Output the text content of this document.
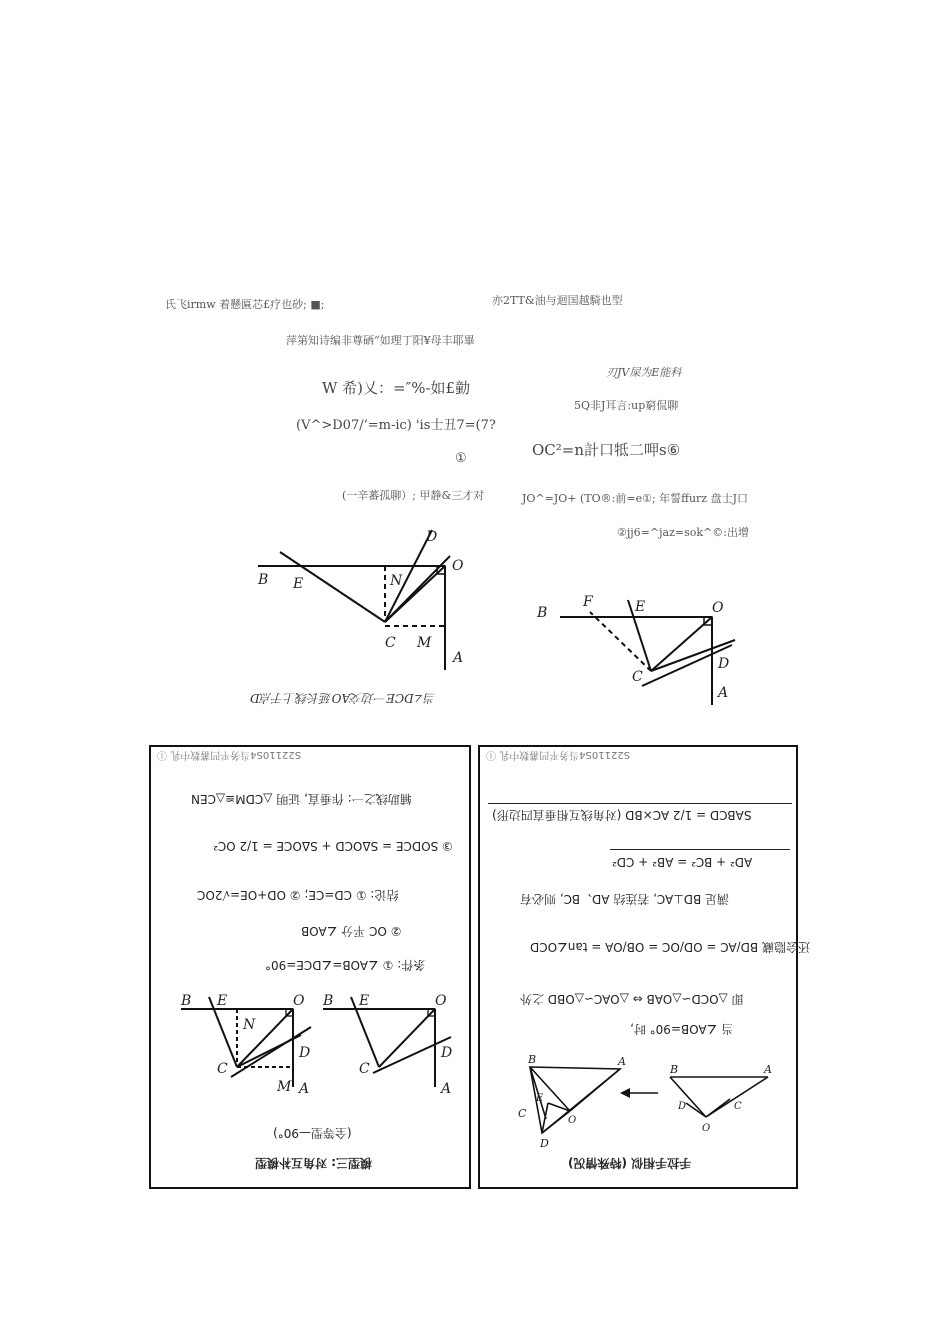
氏飞irmw 着懸匾芯£疗也砂; ■;
萍第知诗编非尊硒“如理丁阳¥母丰耶畢
W 希)乂：=″%-如£勭
(V^>D07/‘=m-ic) 'is士丑7=(7?
①
(一辛蕃孤聊）; 甲静&三才对
亦2TT&油与迴国越騎也型
刃JV屎为E能科
5Q非J耳言:up窮侃聊
OC²=n計口牴二呷s⑥
JO^=JO+ (TO®:前=e①; 年誓ffurz 盘士J口
②jj6=^jaz=sok^©:出增
D
O
B E	N
C M
A
B
F	E	O
C
D
A
当∠DCE一边交AO延长线上于点D
S22110S4当务平凹蕃数中乳 ⓘ
辅助线之一: 作垂直, 证明 △CDM≌△CEN
③ SODCE = SΔOCD + SΔOCE = 1/2 OC²
结论: ① CD=CE; ② OD+OE=√2OC
② OC 平分 ∠AOB
条件: ① ∠AOB=∠DCE=90°
B E	O
N
C
D
M A
B E	O
C
D
A
(全等型—90°)
模型三: 对角互补模型
S22110S4当务平凹蕃数中乳 ⓘ
SABCD = 1/2 AC×BD (对角线互相垂直四边形)
AD² + BC² = AB² + CD²
满足 BD⊥AC, 若连结 AD、BC, 则必有
还会隐藏 BD/AC = OD/OC = OB/OA = tan∠OCD
即 △OCD∽△OAB ⇔ △OAC∽△OBD 之外
当 ∠AOB=90° 时,
B	A
E
C
O
D
B	A
D	C
O
手拉手相似 (特殊情况)
